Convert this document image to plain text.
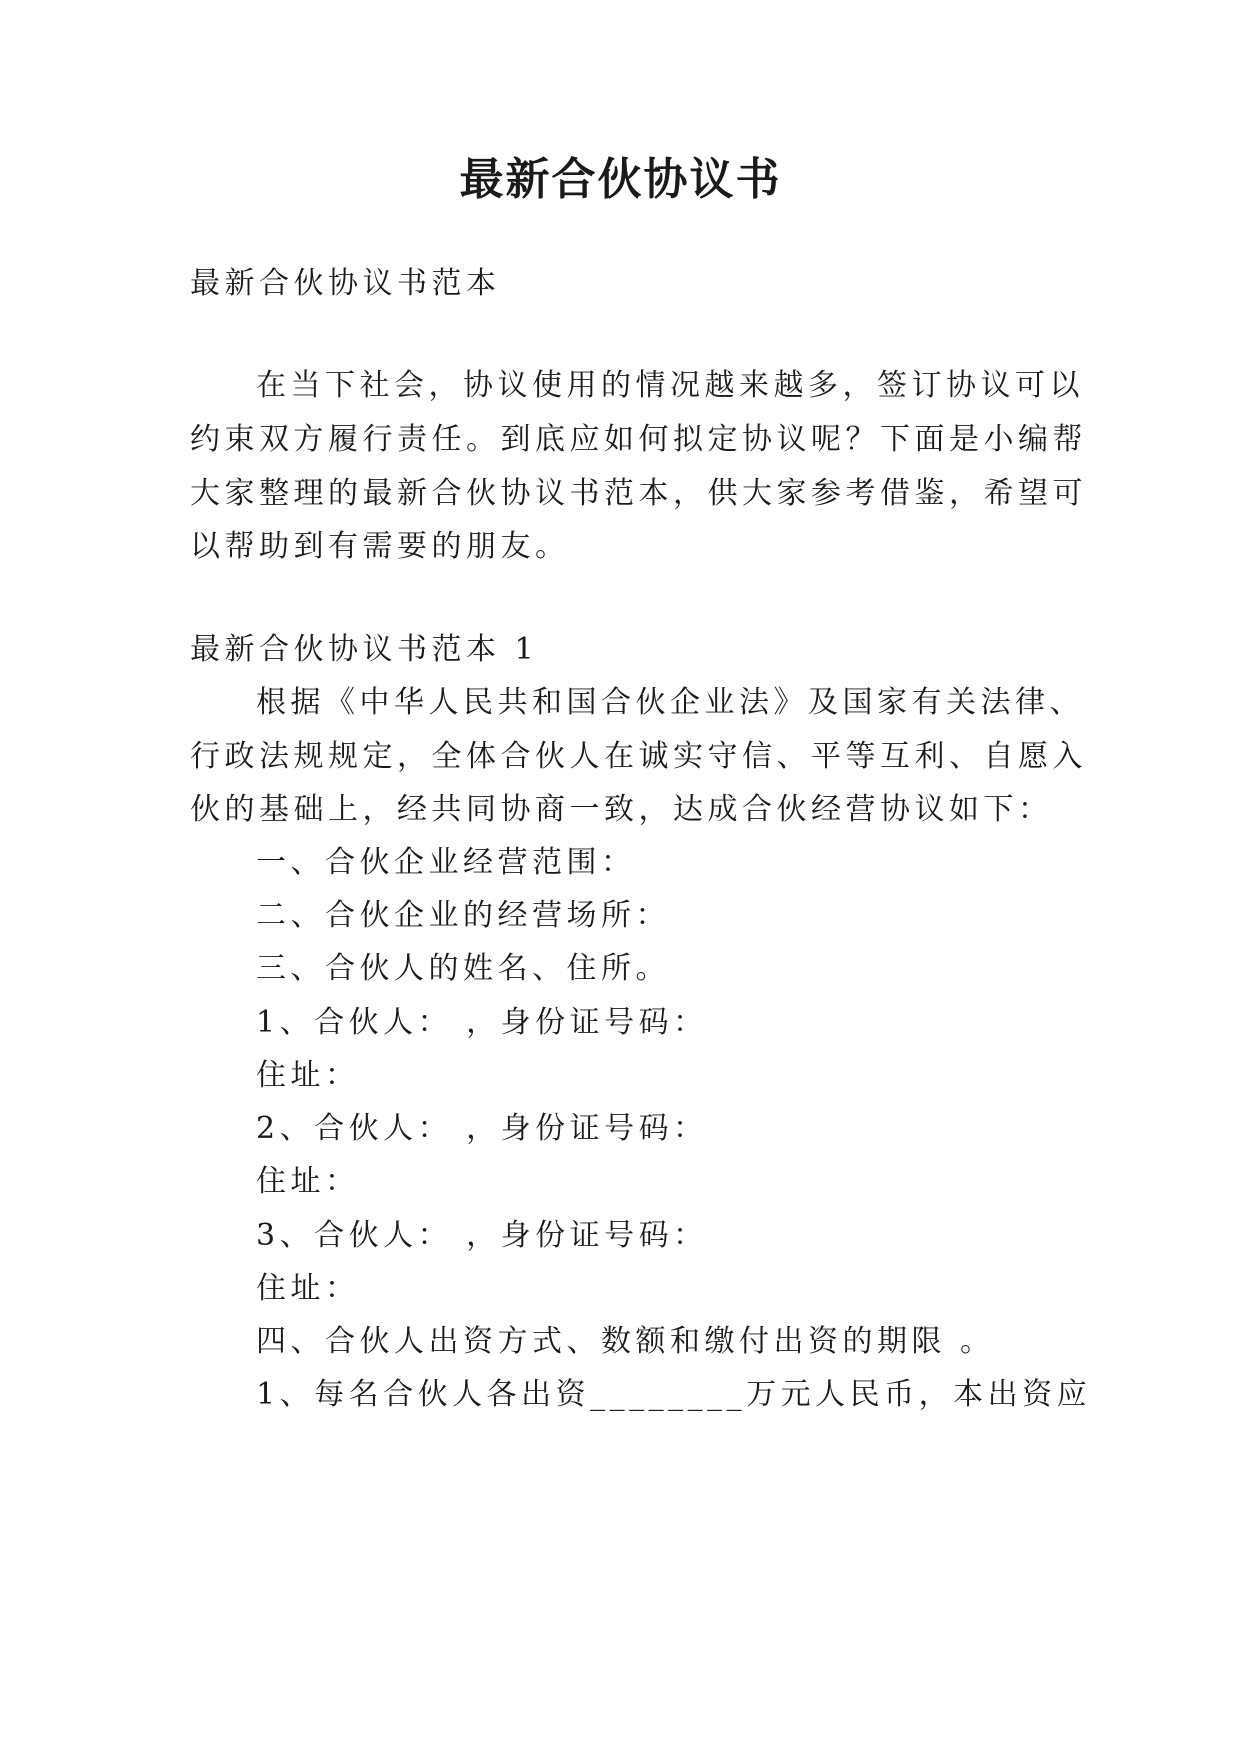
最新合伙协议书
最新合伙协议书范本
在当下社会，协议使用的情况越来越多，签订协议可以
约束双方履行责任。到底应如何拟定协议呢？下面是小编帮
大家整理的最新合伙协议书范本，供大家参考借鉴，希望可
以帮助到有需要的朋友。
最新合伙协议书范本 1
根据《中华人民共和国合伙企业法》及国家有关法律、
行政法规规定，全体合伙人在诚实守信、平等互利、自愿入
伙的基础上，经共同协商一致，达成合伙经营协议如下：
一、合伙企业经营范围：
二、合伙企业的经营场所：
三、合伙人的姓名、住所。
1、合伙人： ，身份证号码：
住址：
2、合伙人： ，身份证号码：
住址：
3、合伙人： ，身份证号码：
住址：
四、合伙人出资方式、数额和缴付出资的期限 。
1、每名合伙人各出资________万元人民币，本出资应
